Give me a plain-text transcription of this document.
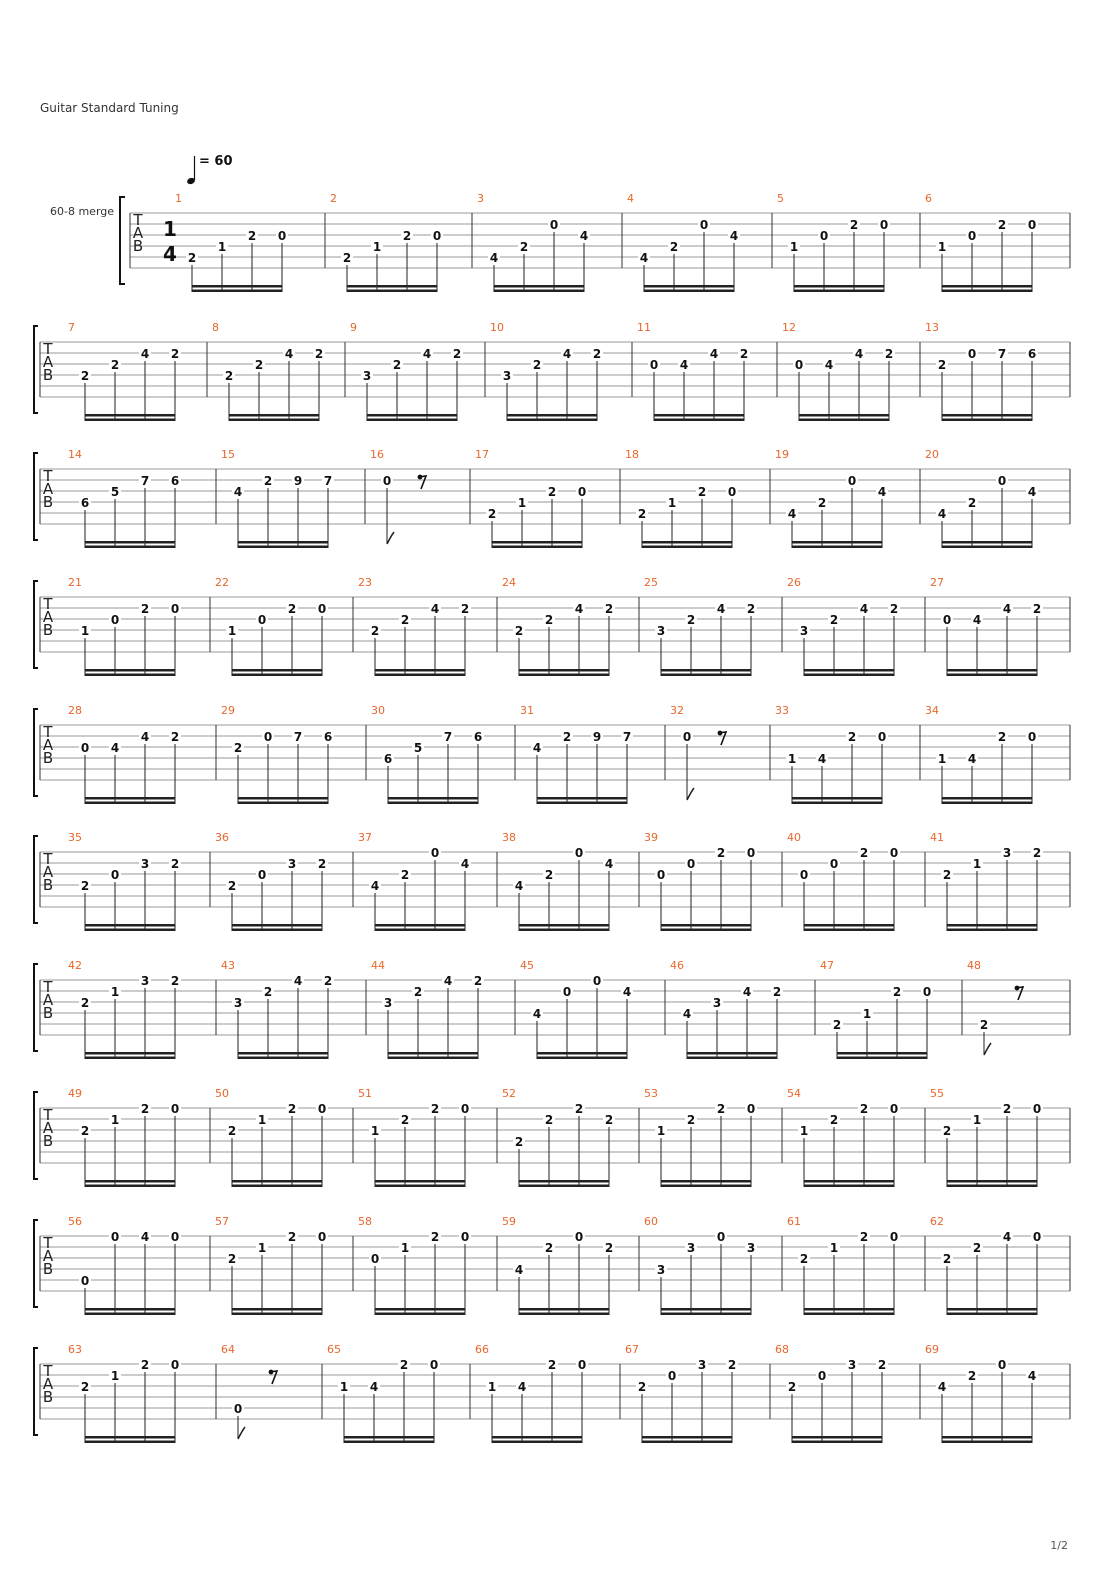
Guitar Standard Tuning
= 60
60-8 merge T
A
B
1
4
1
2
1
2 0
2
2
1
2 0
3
4
2
0
4
4
4
2
0
4
5
1
0
2 0
6
1
0
2 0
T
A
B
7
2
2
4 2
8
2
2
4 2
9
3
2
4 2
10
3
2
4 2
11
0 4
4 2
12
0 4
4 2
13
2
0 7 6
T
A
B
14
6
5
7 6
15
4
2 9 7
16
0
17
2
1
2 0
18
2
1
2 0
19
4
2
0
4
20
4
2
0
4
T
A
B
21
1
0
2 0
22
1
0
2 0
23
2
2
4 2
24
2
2
4 2
25
3
2
4 2
26
3
2
4 2
27
0 4
4 2
T
A
B
28
0 4
4 2
29
2
0 7 6
30
6
5
7 6
31
4
2 9 7
32
0
33
1 4
2 0
34
1 4
2 0
T
A
B
35
2
0
3 2
36
2
0
3 2
37
4
2
0
4
38
4
2
0
4
39
0
0
2 0
40
0
0
2 0
41
2
1
3 2
T
A
B
42
2
1
3 2
43
3
2
4 2
44
3
2
4 2
45
4
0
0
4
46
4
3
4 2
47
2
1
2 0
48
2
T
A
B
49
2
1
2 0
50
2
1
2 0
51
1
2
2 0
52
2
2
2
2
53
1
2
2 0
54
1
2
2 0
55
2
1
2 0
T
A
B
56
0
0 4 0
57
2
1
2 0
58
0
1
2 0
59
4
2
0
2
60
3
3
0
3
61
2
1
2 0
62
2
2
4 0
T
A
B
63
2
1
2 0
64
0
65
1 4
2 0
66
1 4
2 0
67
2
0
3 2
68
2
0
3 2
69
4
2
0
4
1/2
